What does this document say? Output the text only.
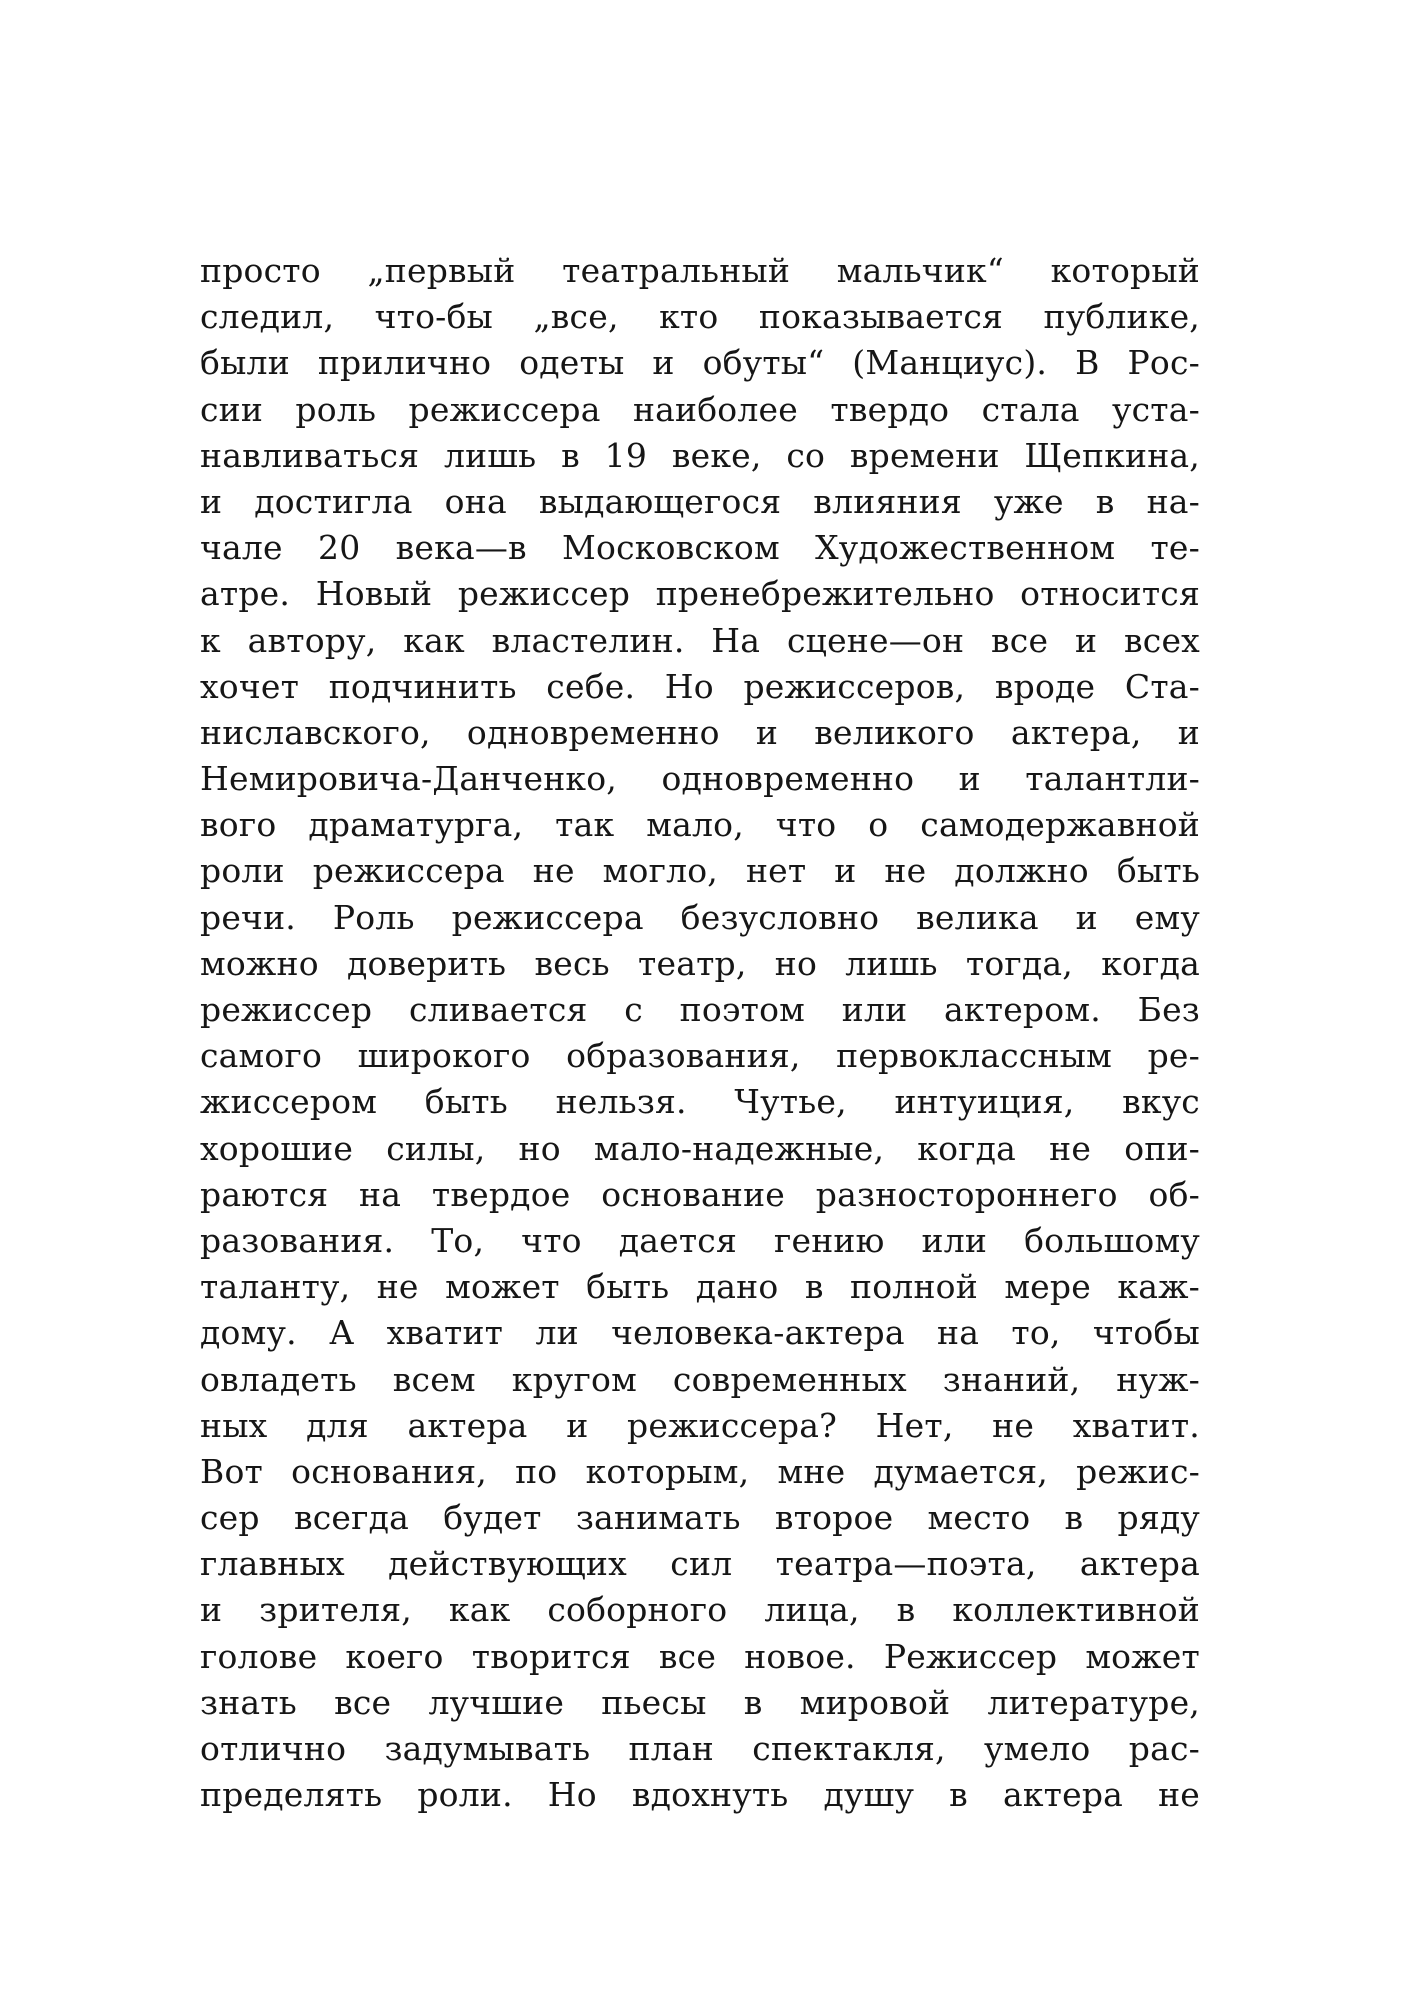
просто „первый театральный мальчик“ который
следил, что-бы „все, кто показывается публике,
были прилично одеты и обуты“ (Манциус). В Рос-
сии роль режиссера наиболее твердо стала уста-
навливаться лишь в 19 веке, со времени Щепкина,
и достигла она выдающегося влияния уже в на-
чале 20 века—в Московском Художественном те-
атре. Новый режиссер пренебрежительно относится
к автору, как властелин. На сцене—он все и всех
хочет подчинить себе. Но режиссеров, вроде Ста-
ниславского, одновременно и великого актера, и
Немировича-Данченко, одновременно и талантли-
вого драматурга, так мало, что о самодержавной
роли режиссера не могло, нет и не должно быть
речи. Роль режиссера безусловно велика и ему
можно доверить весь театр, но лишь тогда, когда
режиссер сливается с поэтом или актером. Без
самого широкого образования, первоклассным ре-
жиссером быть нельзя. Чутье, интуиция, вкус
хорошие силы, но мало-надежные, когда не опи-
раются на твердое основание разностороннего об-
разования. То, что дается гению или большому
таланту, не может быть дано в полной мере каж-
дому. А хватит ли человека-актера на то, чтобы
овладеть всем кругом современных знаний, нуж-
ных для актера и режиссера? Нет, не хватит.
Вот основания, по которым, мне думается, режис-
сер всегда будет занимать второе место в ряду
главных действующих сил театра—поэта, актера
и зрителя, как соборного лица, в коллективной
голове коего творится все новое. Режиссер может
знать все лучшие пьесы в мировой литературе,
отлично задумывать план спектакля, умело рас-
пределять роли. Но вдохнуть душу в актера не
